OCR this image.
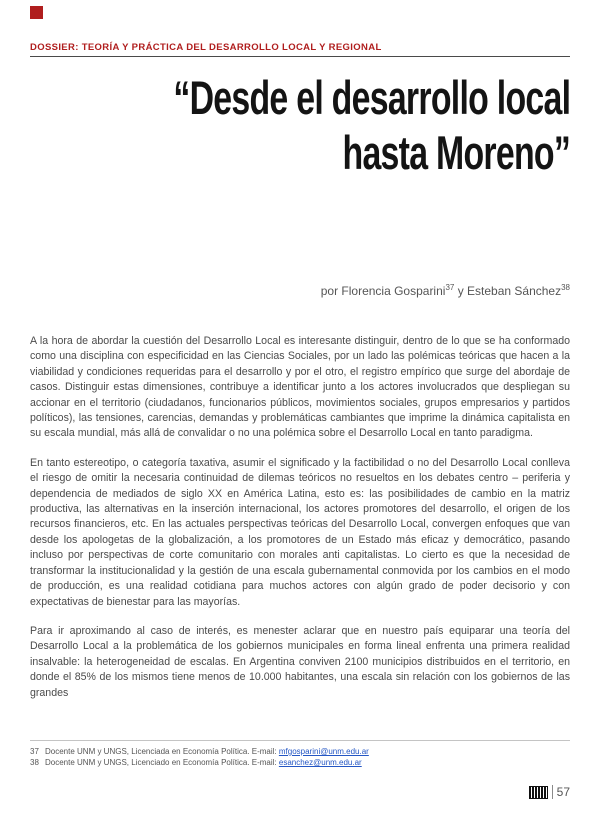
DOSSIER: TEORÍA Y PRÁCTICA DEL DESARROLLO LOCAL Y REGIONAL
“Desde el desarrollo local
hasta Moreno”
por Florencia Gosparini$^{37}$ y Esteban Sánchez$^{38}$

A la hora de abordar la cuestión del Desarrollo Local es interesante distinguir, dentro de lo que se ha conformado como una disciplina con especificidad en las Ciencias Sociales, por un lado las polémicas teóricas que hacen a la viabilidad y condiciones requeridas para el desarrollo y por el otro, el registro empírico que surge del abordaje de casos. Distinguir estas dimensiones, contribuye a identificar junto a los actores involucrados que despliegan su accionar en el territorio (ciudadanos, funcionarios públicos, movimientos sociales, grupos empresarios y partidos políticos), las tensiones, carencias, demandas y problemáticas cambiantes que imprime la dinámica capitalista en su escala mundial, más allá de convalidar o no una polémica sobre el Desarrollo Local en tanto paradigma.

En tanto estereotipo, o categoría taxativa, asumir el significado y la factibilidad o no del Desarrollo Local conlleva el riesgo de omitir la necesaria continuidad de dilemas teóricos no resueltos en los debates centro – periferia y dependencia de mediados de siglo XX en América Latina, esto es: las posibilidades de cambio en la matriz productiva, las alternativas en la inserción internacional, los actores promotores del desarrollo, el origen de los recursos financieros, etc. En las actuales perspectivas teóricas del Desarrollo Local, convergen enfoques que van desde los apologetas de la globalización, a los promotores de un Estado más eficaz y democrático, pasando incluso por perspectivas de corte comunitario con morales anti capitalistas. Lo cierto es que la necesidad de transformar la institucionalidad y la gestión de una escala gubernamental conmovida por los cambios en el modo de producción, es una realidad cotidiana para muchos actores con algún grado de poder decisorio y con expectativas de bienestar para las mayorías.

Para ir aproximando al caso de interés, es menester aclarar que en nuestro país equiparar una teoría del Desarrollo Local a la problemática de los gobiernos municipales en forma lineal enfrenta una primera realidad insalvable: la heterogeneidad de escalas. En Argentina conviven 2100 municipios distribuidos en el territorio, en donde el 85% de los mismos tiene menos de 10.000 habitantes, una escala sin relación con los gobiernos de las grandes

37 Docente UNM y UNGS, Licenciada en Economía Política. E-mail: mfgosparini@unm.edu.ar
38 Docente UNM y UNGS, Licenciado en Economía Política. E-mail: esanchez@unm.edu.ar
57
